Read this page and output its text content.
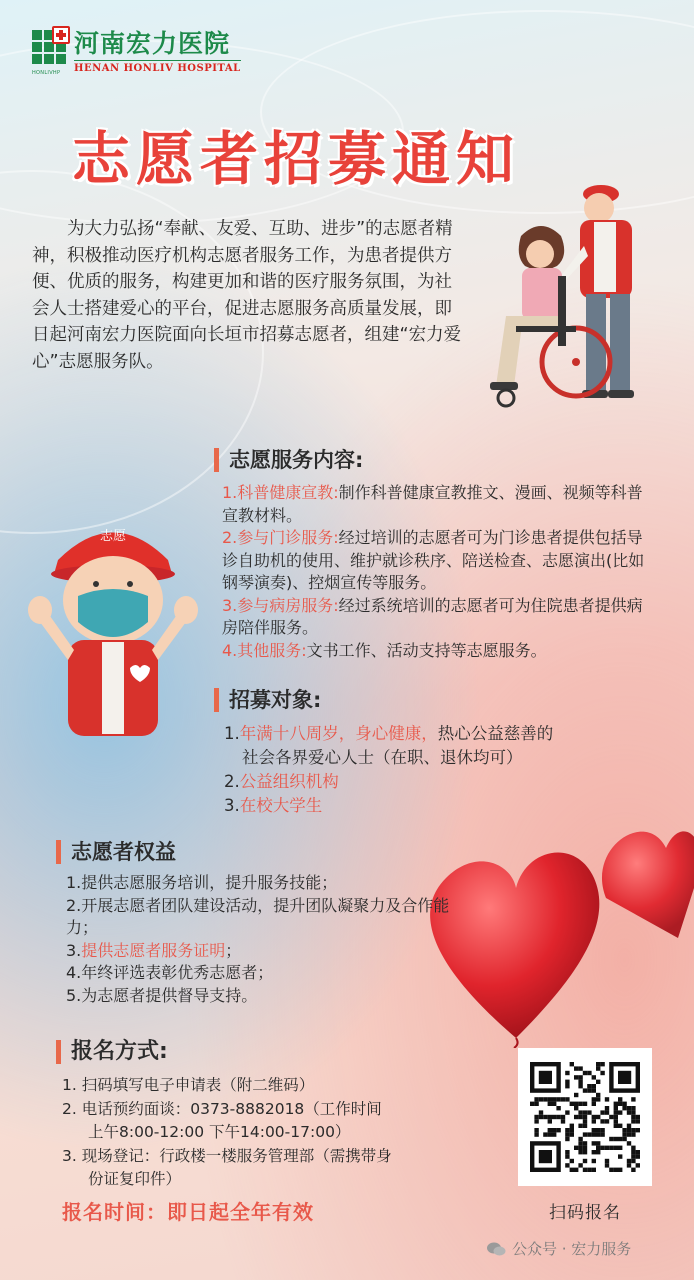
HONLIVHP
河南宏力医院
HENAN HONLIV HOSPITAL
志愿者招募通知
为大力弘扬“奉献、友爱、互助、进步”的志愿者精神，积极推动医疗机构志愿者服务工作，为患者提供方便、优质的服务，构建更加和谐的医疗服务氛围，为社会人士搭建爱心的平台，促进志愿服务高质量发展，即日起河南宏力医院面向长垣市招募志愿者，组建“宏力爱心”志愿服务队。
志愿服务内容:
1.科普健康宣教:制作科普健康宣教推文、漫画、视频等科普宣教材料。
2.参与门诊服务:经过培训的志愿者可为门诊患者提供包括导诊自助机的使用、维护就诊秩序、陪送检查、志愿演出(比如钢琴演奏)、控烟宣传等服务。
3.参与病房服务:经过系统培训的志愿者可为住院患者提供病房陪伴服务。
4.其他服务:文书工作、活动支持等志愿服务。
志愿
招募对象:
1.年满十八周岁，身心健康，热心公益慈善的
社会各界爱心人士（在职、退休均可）
2.公益组织机构
3.在校大学生
志愿者权益
1.提供志愿服务培训，提升服务技能；
2.开展志愿者团队建设活动，提升团队凝聚力及合作能力；
3.提供志愿者服务证明；
4.年终评选表彰优秀志愿者；
5.为志愿者提供督导支持。
报名方式:
1. 扫码填写电子申请表（附二维码）
2. 电话预约面谈：0373-8882018（工作时间
上午8:00-12:00 下午14:00-17:00）
3. 现场登记：行政楼一楼服务管理部（需携带身
份证复印件）
报名时间：即日起全年有效	扫码报名
公众号 · 宏力服务
